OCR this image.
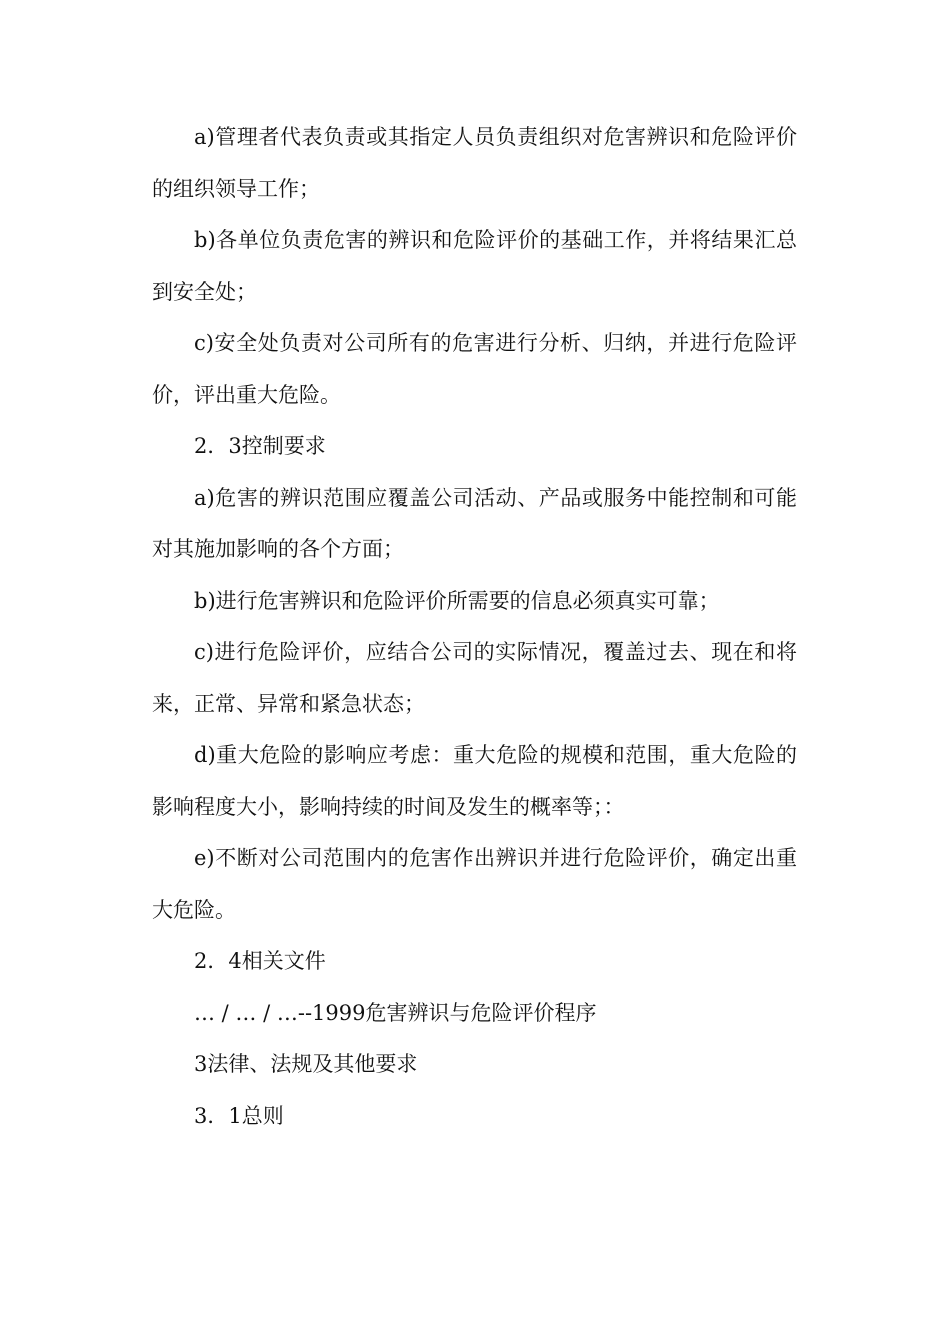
a)管理者代表负责或其指定人员负责组织对危害辨识和危险评价的组织领导工作；

b)各单位负责危害的辨识和危险评价的基础工作，并将结果汇总到安全处；

c)安全处负责对公司所有的危害进行分析、归纳，并进行危险评价，评出重大危险。

2．3控制要求

a)危害的辨识范围应覆盖公司活动、产品或服务中能控制和可能对其施加影响的各个方面；

b)进行危害辨识和危险评价所需要的信息必须真实可靠；

c)进行危险评价，应结合公司的实际情况，覆盖过去、现在和将来，正常、异常和紧急状态；

d)重大危险的影响应考虑：重大危险的规模和范围，重大危险的影响程度大小，影响持续的时间及发生的概率等；：

e)不断对公司范围内的危害作出辨识并进行危险评价，确定出重大危险。

2．4相关文件

… / … / …--1999危害辨识与危险评价程序

3法律、法规及其他要求

3．1总则
